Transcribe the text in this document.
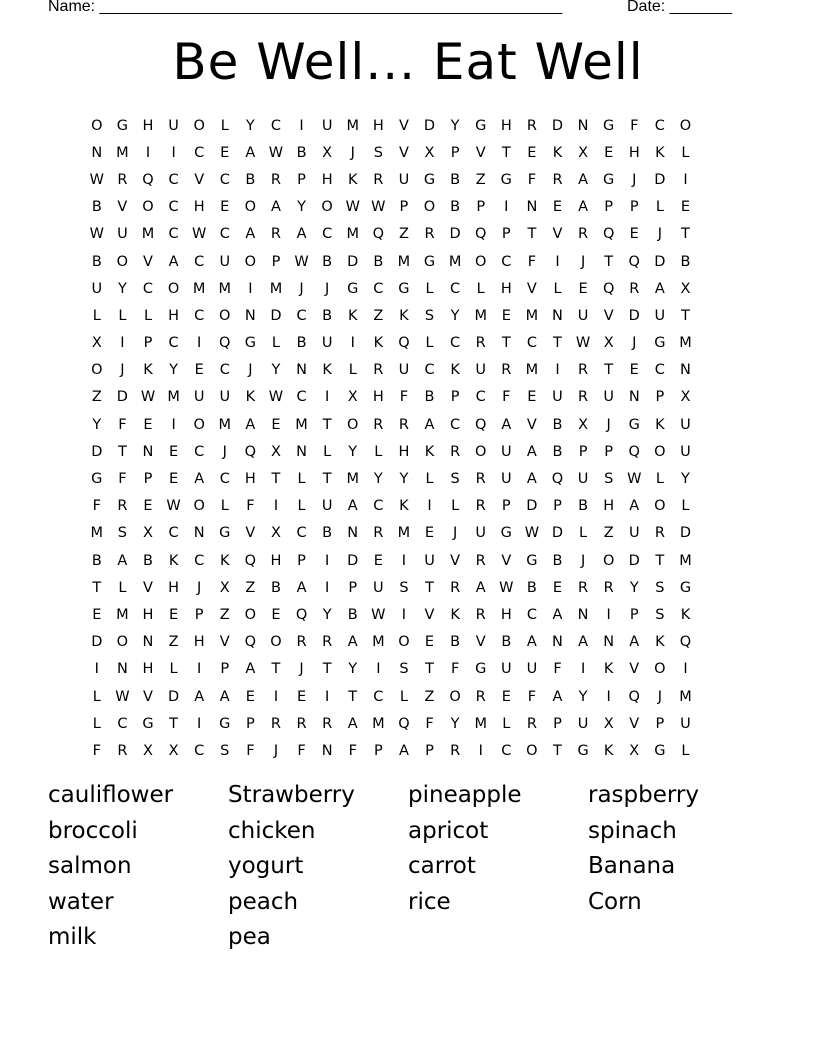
Name: ____________________________________________________	Date: _______
Be Well... Eat Well
O G	H	U	O	L	Y	C	I	U M H	V	D	Y	G	H	R	D	N	G	F	C	O
N M	I	I	C	E	A W B	X	J	S	V	X	P	V	T	E	K	X	E	H	K	L
W R	Q	C	V	C	B	R	P	H	K	R	U	G	B	Z	G	F	R	A	G	J	D	I
B	V	O	C	H	E	O	A	Y	O W W P	O	B	P	I	N	E	A	P	P	L	E
W U M C W C	A	R	A	C M Q	Z	R	D Q	P	T	V	R	Q	E	J	T
B	O	V	A	C	U	O	P W B	D	B M G M O	C	F	I	J	T	Q D	B
U	Y	C	O M M	I	M	J	J	G	C	G	L	C	L	H	V	L	E	Q	R	A	X
L	L	L	H	C	O N	D	C	B	K	Z	K	S	Y	M	E	M N	U	V	D	U	T
X	I	P	C	I	Q G	L	B	U	I	K	Q	L	C	R	T	C	T W X	J	G M
O	J	K	Y	E	C	J	Y	N	K	L	R	U	C	K	U	R M	I	R	T	E	C	N
Z	D W M U	U	K W C	I	X	H	F	B	P	C	F	E	U	R	U	N	P	X
Y	F	E	I	O M A	E	M	T	O	R	R	A	C	Q	A	V	B	X	J	G	K	U
D	T	N	E	C	J	Q	X	N	L	Y	L	H	K	R	O	U	A	B	P	P	Q O	U
G	F	P	E	A	C	H	T	L	T	M	Y	Y	L	S	R	U	A	Q	U	S W L	Y
F	R	E W O	L	F	I	L	U	A	C	K	I	L	R	P	D	P	B	H	A	O	L
M	S	X	C	N	G	V	X	C	B	N	R M	E	J	U	G W D	L	Z	U	R	D
B	A	B	K	C	K	Q H	P	I	D	E	I	U	V	R	V	G	B	J	O D	T	M
T	L	V	H	J	X	Z	B	A	I	P	U	S	T	R	A W B	E	R	R	Y	S	G
E	M H	E	P	Z	O	E	Q	Y	B W	I	V	K	R	H	C	A	N	I	P	S	K
D O N	Z	H	V	Q O	R	R	A M O	E	B	V	B	A	N	A	N	A	K	Q
I	N	H	L	I	P	A	T	J	T	Y	I	S	T	F	G	U	U	F	I	K	V	O	I
L W V	D	A	A	E	I	E	I	T	C	L	Z	O	R	E	F	A	Y	I	Q	J	M
L	C	G	T	I	G	P	R	R	R	A M Q	F	Y	M	L	R	P	U	X	V	P	U
F	R	X	X	C	S	F	J	F	N	F	P	A	P	R	I	C	O	T	G	K	X	G	L
cauliflower	Strawberry	pineapple	raspberry
broccoli	chicken	apricot	spinach
salmon	yogurt	carrot	Banana
water	peach	rice	Corn
milk	pea
